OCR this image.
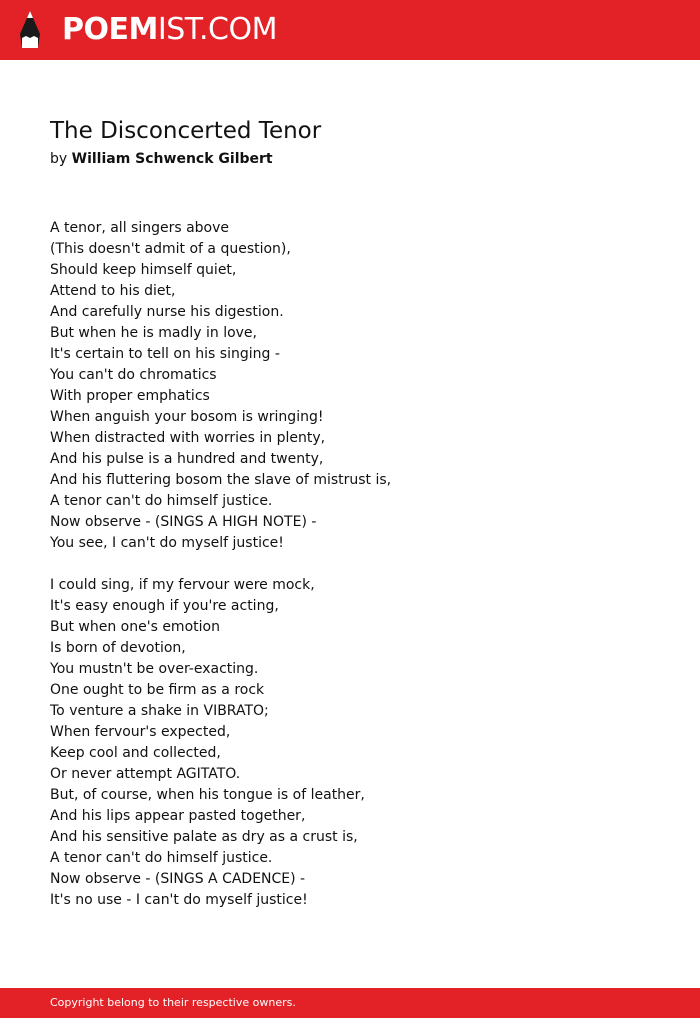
POEMIST.COM
The Disconcerted Tenor
by William Schwenck Gilbert
A tenor, all singers above
(This doesn't admit of a question),
Should keep himself quiet,
Attend to his diet,
And carefully nurse his digestion.
But when he is madly in love,
It's certain to tell on his singing -
You can't do chromatics
With proper emphatics
When anguish your bosom is wringing!
When distracted with worries in plenty,
And his pulse is a hundred and twenty,
And his fluttering bosom the slave of mistrust is,
A tenor can't do himself justice.
Now observe - (SINGS A HIGH NOTE) -
You see, I can't do myself justice!
I could sing, if my fervour were mock,
It's easy enough if you're acting,
But when one's emotion
Is born of devotion,
You mustn't be over-exacting.
One ought to be firm as a rock
To venture a shake in VIBRATO;
When fervour's expected,
Keep cool and collected,
Or never attempt AGITATO.
But, of course, when his tongue is of leather,
And his lips appear pasted together,
And his sensitive palate as dry as a crust is,
A tenor can't do himself justice.
Now observe - (SINGS A CADENCE) -
It's no use - I can't do myself justice!
Copyright belong to their respective owners.
